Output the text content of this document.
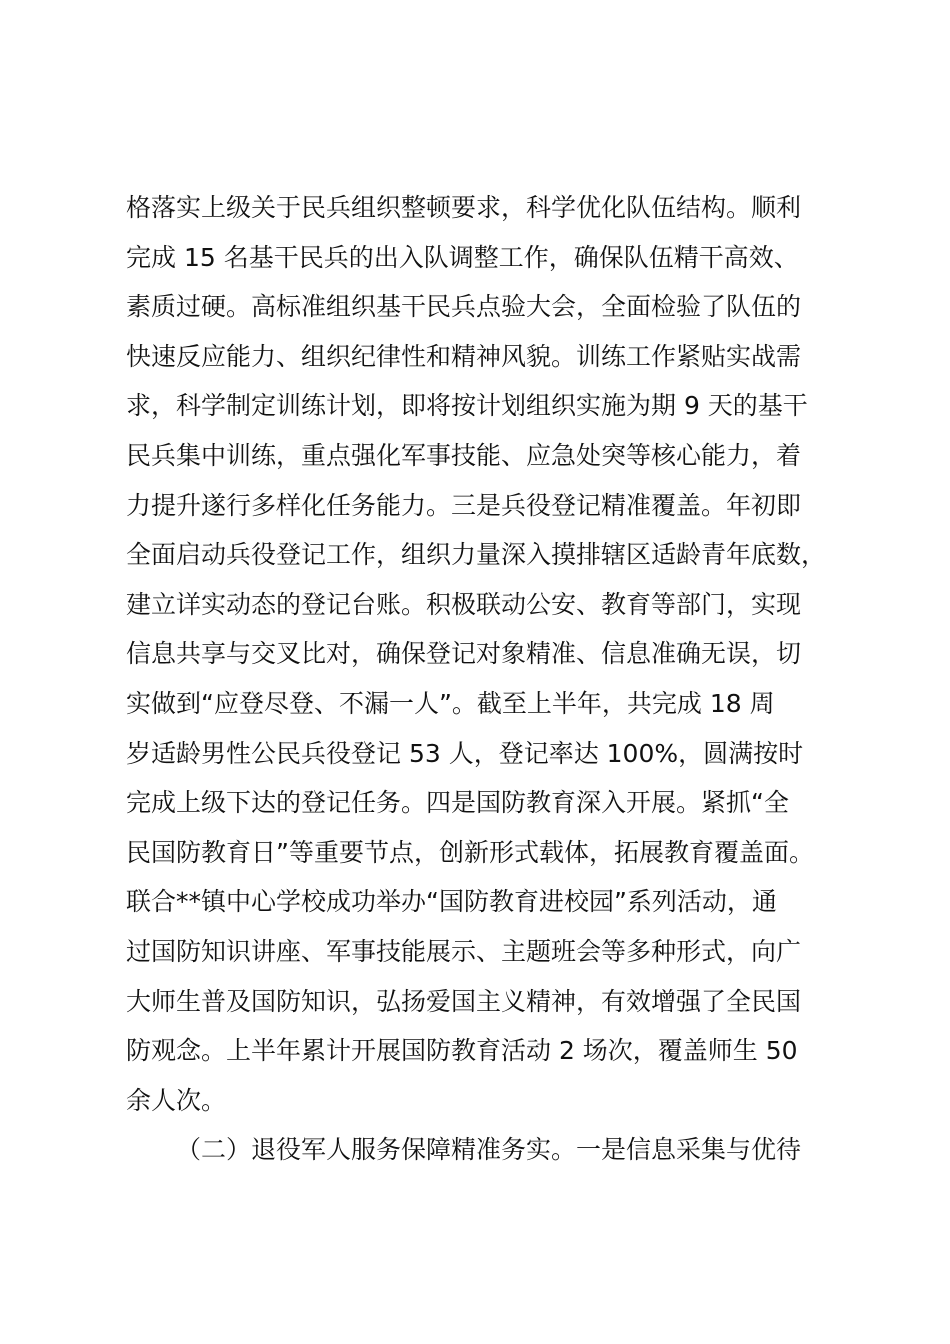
格落实上级关于民兵组织整顿要求，科学优化队伍结构。顺利
完成 15 名基干民兵的出入队调整工作，确保队伍精干高效、
素质过硬。高标准组织基干民兵点验大会，全面检验了队伍的
快速反应能力、组织纪律性和精神风貌。训练工作紧贴实战需
求，科学制定训练计划，即将按计划组织实施为期 9 天的基干
民兵集中训练，重点强化军事技能、应急处突等核心能力，着
力提升遂行多样化任务能力。三是兵役登记精准覆盖。年初即
全面启动兵役登记工作，组织力量深入摸排辖区适龄青年底数，
建立详实动态的登记台账。积极联动公安、教育等部门，实现
信息共享与交叉比对，确保登记对象精准、信息准确无误，切
实做到“应登尽登、不漏一人”。截至上半年，共完成 18 周
岁适龄男性公民兵役登记 53 人，登记率达 100%，圆满按时
完成上级下达的登记任务。四是国防教育深入开展。紧抓“全
民国防教育日”等重要节点，创新形式载体，拓展教育覆盖面。
联合**镇中心学校成功举办“国防教育进校园”系列活动，通
过国防知识讲座、军事技能展示、主题班会等多种形式，向广
大师生普及国防知识，弘扬爱国主义精神，有效增强了全民国
防观念。上半年累计开展国防教育活动 2 场次，覆盖师生 50
余人次。
（二）退役军人服务保障精准务实。一是信息采集与优待
